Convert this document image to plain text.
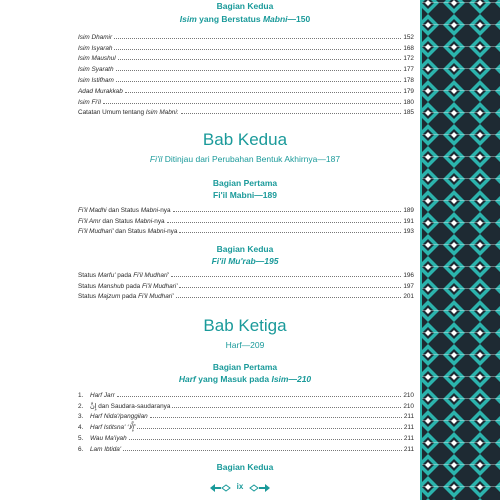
Bagian Kedua
Isim yang Berstatus Mabni—150
Isim Dhamir	152
Isim Isyarah	168
Isim Maushul	172
Isim Syarath	177
Isim Istifham	178
Adad Murakkab	179
Isim Fi'il	180
Catatan Umum tentang Isim Mabni:	185
Bab Kedua
Fi'il Ditinjau dari Perubahan Bentuk Akhirnya—187
Bagian Pertama
Fi'il Mabni—189
Fi'il Madhi dan Status Mabni-nya	189
Fi'il Amr dan Status Mabni-nya	191
Fi'il Mudhari' dan Status Mabni-nya	193
Bagian Kedua
Fi'il Mu'rab—195
Status Marfu' pada Fi'il Mudhari'	196
Status Manshub pada Fi'il Mudhari'	197
Status Majzum pada Fi'il Mudhari'	201
Bab Ketiga
Harf—209
Bagian Pertama
Harf yang Masuk pada Isim—210
1. Harf Jarr	210
2. إِنَّ dan Saudara-saudaranya	210
3. Harf Nida'/panggilan	211
4. Harf Istitsna' ‘إِلَّا’	211
5. Wau Ma'iyah	211
6. Lam Ibtida'	211
Bagian Kedua
ix
